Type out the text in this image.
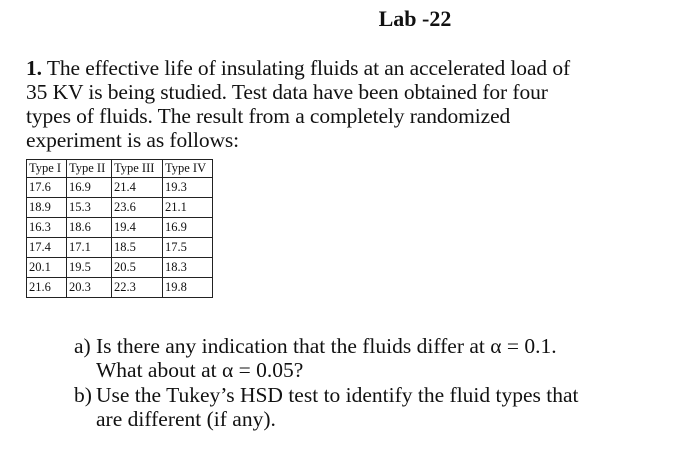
Lab -22
1. The effective life of insulating fluids at an accelerated load of
35 KV is being studied. Test data have been obtained for four
types of fluids. The result from a completely randomized
experiment is as follows:
Type I	Type II	Type III	Type IV
17.6	16.9	21.4	19.3
18.9	15.3	23.6	21.1
16.3	18.6	19.4	16.9
17.4	17.1	18.5	17.5
20.1	19.5	20.5	18.3
21.6	20.3	22.3	19.8
a) Is there any indication that the fluids differ at α = 0.1.
What about at α = 0.05?
b) Use the Tukey’s HSD test to identify the fluid types that
are different (if any).
